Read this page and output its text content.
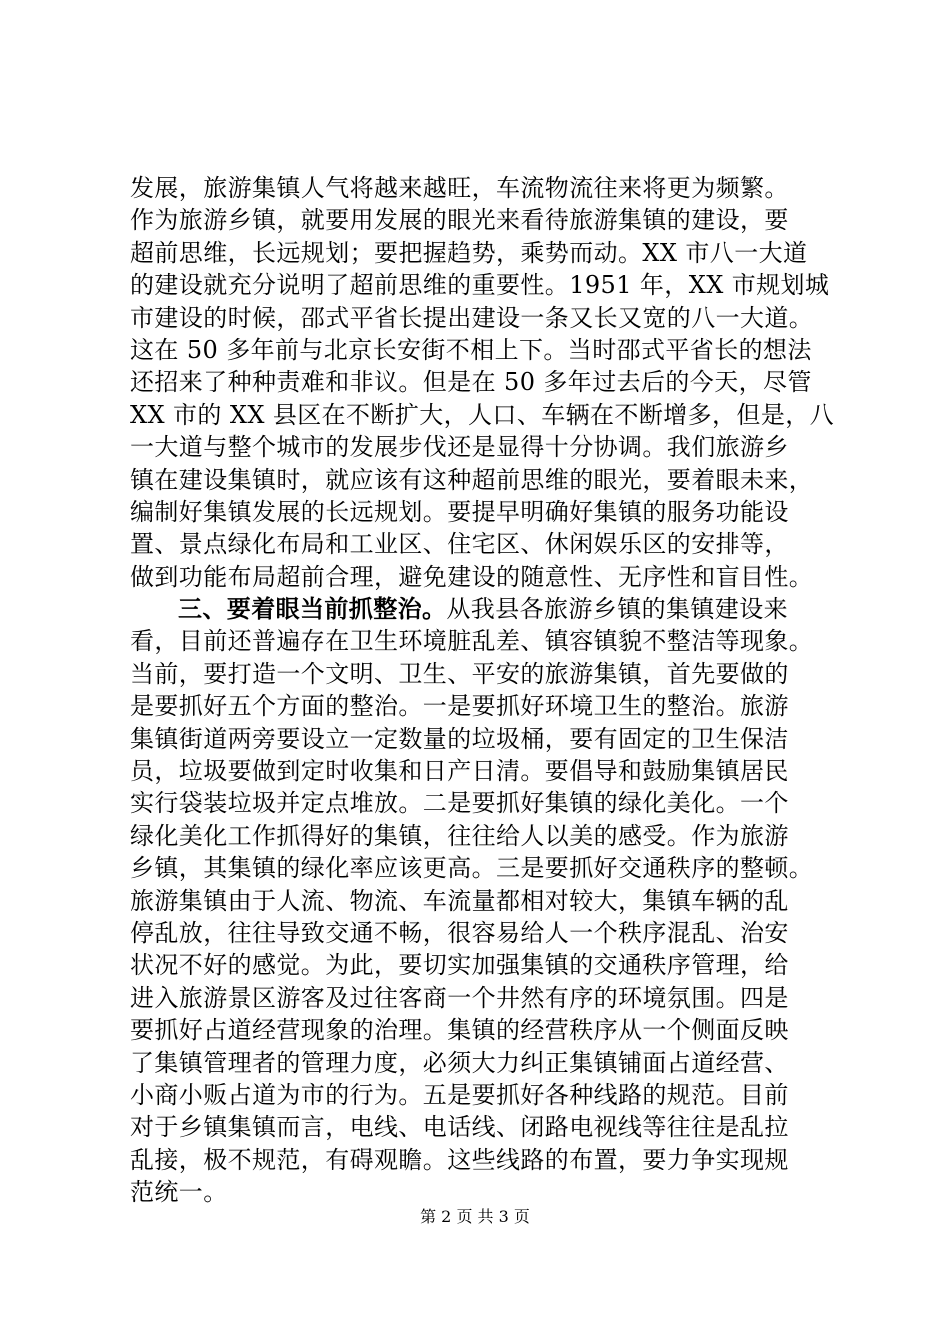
发展，旅游集镇人气将越来越旺，车流物流往来将更为频繁。
作为旅游乡镇，就要用发展的眼光来看待旅游集镇的建设，要
超前思维，长远规划；要把握趋势，乘势而动。XX 市八一大道
的建设就充分说明了超前思维的重要性。1951 年，XX 市规划城
市建设的时候，邵式平省长提出建设一条又长又宽的八一大道。
这在 50 多年前与北京长安街不相上下。当时邵式平省长的想法
还招来了种种责难和非议。但是在 50 多年过去后的今天，尽管
XX 市的 XX 县区在不断扩大，人口、车辆在不断增多，但是，八
一大道与整个城市的发展步伐还是显得十分协调。我们旅游乡
镇在建设集镇时，就应该有这种超前思维的眼光，要着眼未来，
编制好集镇发展的长远规划。要提早明确好集镇的服务功能设
置、景点绿化布局和工业区、住宅区、休闲娱乐区的安排等，
做到功能布局超前合理，避免建设的随意性、无序性和盲目性。
三、要着眼当前抓整治。从我县各旅游乡镇的集镇建设来
看，目前还普遍存在卫生环境脏乱差、镇容镇貌不整洁等现象。
当前，要打造一个文明、卫生、平安的旅游集镇，首先要做的
是要抓好五个方面的整治。一是要抓好环境卫生的整治。旅游
集镇街道两旁要设立一定数量的垃圾桶，要有固定的卫生保洁
员，垃圾要做到定时收集和日产日清。要倡导和鼓励集镇居民
实行袋装垃圾并定点堆放。二是要抓好集镇的绿化美化。一个
绿化美化工作抓得好的集镇，往往给人以美的感受。作为旅游
乡镇，其集镇的绿化率应该更高。三是要抓好交通秩序的整顿。
旅游集镇由于人流、物流、车流量都相对较大，集镇车辆的乱
停乱放，往往导致交通不畅，很容易给人一个秩序混乱、治安
状况不好的感觉。为此，要切实加强集镇的交通秩序管理，给
进入旅游景区游客及过往客商一个井然有序的环境氛围。四是
要抓好占道经营现象的治理。集镇的经营秩序从一个侧面反映
了集镇管理者的管理力度，必须大力纠正集镇铺面占道经营、
小商小贩占道为市的行为。五是要抓好各种线路的规范。目前
对于乡镇集镇而言，电线、电话线、闭路电视线等往往是乱拉
乱接，极不规范，有碍观瞻。这些线路的布置，要力争实现规
范统一。
第 2 页 共 3 页
